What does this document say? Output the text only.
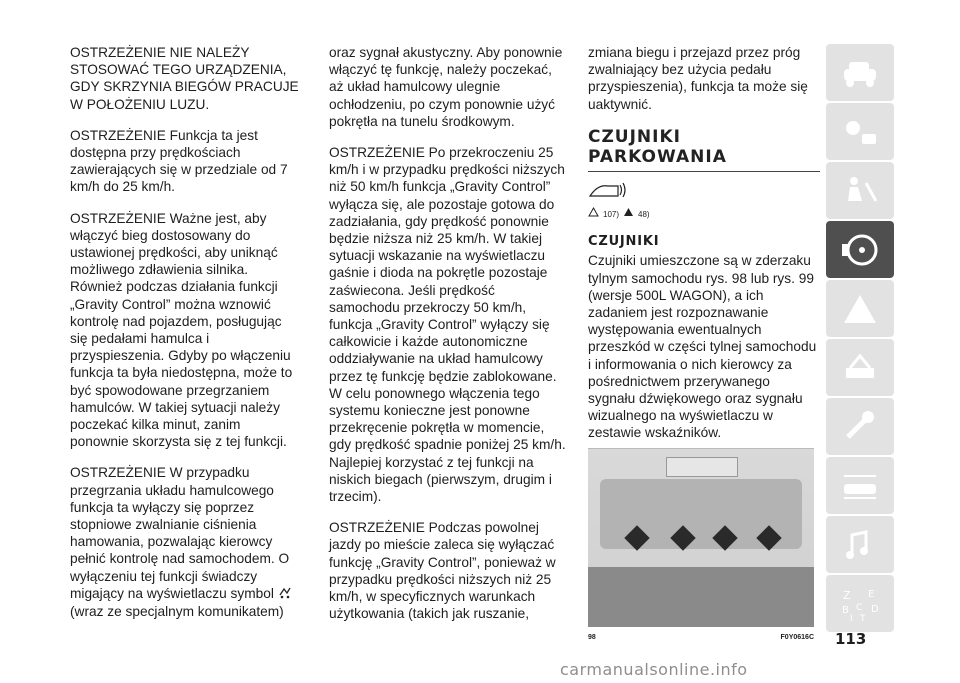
OSTRZEŻENIE NIE NALEŻY STOSOWAĆ TEGO URZĄDZENIA, GDY SKRZYNIA BIEGÓW PRACUJE W POŁOŻENIU LUZU.

OSTRZEŻENIE Funkcja ta jest dostępna przy prędkościach zawierających się w przedziale od 7 km/h do 25 km/h.

OSTRZEŻENIE Ważne jest, aby włączyć bieg dostosowany do ustawionej prędkości, aby uniknąć możliwego zdławienia silnika. Również podczas działania funkcji „Gravity Control” można wznowić kontrolę nad pojazdem, posługując się pedałami hamulca i przyspieszenia. Gdyby po włączeniu funkcja ta była niedostępna, może to być spowodowane przegrzaniem hamulców. W takiej sytuacji należy poczekać kilka minut, zanim ponownie skorzysta się z tej funkcji.

OSTRZEŻENIE W przypadku przegrzania układu hamulcowego funkcja ta wyłączy się poprzez stopniowe zwalnianie ciśnienia hamowania, pozwalając kierowcy pełnić kontrolę nad samochodem. O wyłączeniu tej funkcji świadczy migający na wyświetlaczu symbol  (wraz ze specjalnym komunikatem)

oraz sygnał akustyczny. Aby ponownie włączyć tę funkcję, należy poczekać, aż układ hamulcowy ulegnie ochłodzeniu, po czym ponownie użyć pokrętła na tunelu środkowym.

OSTRZEŻENIE Po przekroczeniu 25 km/h i w przypadku prędkości niższych niż 50 km/h funkcja „Gravity Control” wyłącza się, ale pozostaje gotowa do zadziałania, gdy prędkość ponownie będzie niższa niż 25 km/h. W takiej sytuacji wskazanie na wyświetlaczu gaśnie i dioda na pokrętle pozostaje zaświecona. Jeśli prędkość samochodu przekroczy 50 km/h, funkcja „Gravity Control” wyłączy się całkowicie i każde autonomiczne oddziaływanie na układ hamulcowy przez tę funkcję będzie zablokowane. W celu ponownego włączenia tego systemu konieczne jest ponowne przekręcenie pokrętła w momencie, gdy prędkość spadnie poniżej 25 km/h. Najlepiej korzystać z tej funkcji na niskich biegach (pierwszym, drugim i trzecim).

OSTRZEŻENIE Podczas powolnej jazdy po mieście zaleca się wyłączać funkcję „Gravity Control”, ponieważ w przypadku prędkości niższych niż 25 km/h, w specyficznych warunkach użytkowania (takich jak ruszanie,

zmiana biegu i przejazd przez próg zwalniający bez użycia pedału przyspieszenia), funkcja ta może się uaktywnić.

CZUJNIKI
PARKOWANIA
107) 48)
CZUJNIKI

Czujniki umieszczone są w zderzaku tylnym samochodu rys. 98 lub rys. 99 (wersje 500L WAGON), a ich zadaniem jest rozpoznawanie występowania ewentualnych przeszkód w części tylnej samochodu i informowania o nich kierowcy za pośrednictwem przerywanego sygnału dźwiękowego oraz sygnału wizualnego na wyświetlaczu w zestawie wskaźników.

98	F0Y0616C
Z E
B C D
I T
113
carmanualsonline.info
